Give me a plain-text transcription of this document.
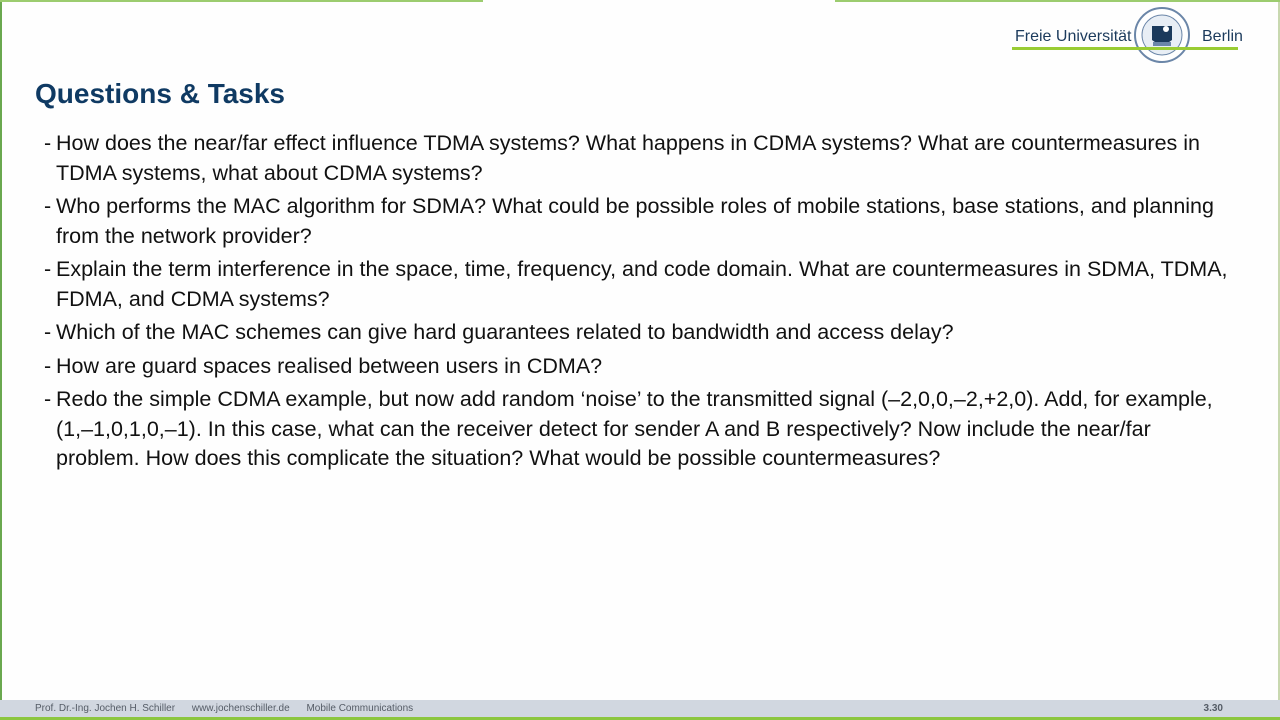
Freie Universität	Berlin
Questions & Tasks
- How does the near/far effect influence TDMA systems? What happens in CDMA systems? What are countermeasures in TDMA systems, what about CDMA systems?
- Who performs the MAC algorithm for SDMA? What could be possible roles of mobile stations, base stations, and planning from the network provider?
- Explain the term interference in the space, time, frequency, and code domain. What are countermeasures in SDMA, TDMA, FDMA, and CDMA systems?
- Which of the MAC schemes can give hard guarantees related to bandwidth and access delay?
- How are guard spaces realised between users in CDMA?
- Redo the simple CDMA example, but now add random ‘noise’ to the transmitted signal (–2,0,0,–2,+2,0). Add, for example, (1,–1,0,1,0,–1). In this case, what can the receiver detect for sender A and B respectively? Now include the near/far problem. How does this complicate the situation? What would be possible countermeasures?
Prof. Dr.-Ing. Jochen H. Schiller www.jochenschiller.de Mobile Communications	3.30
